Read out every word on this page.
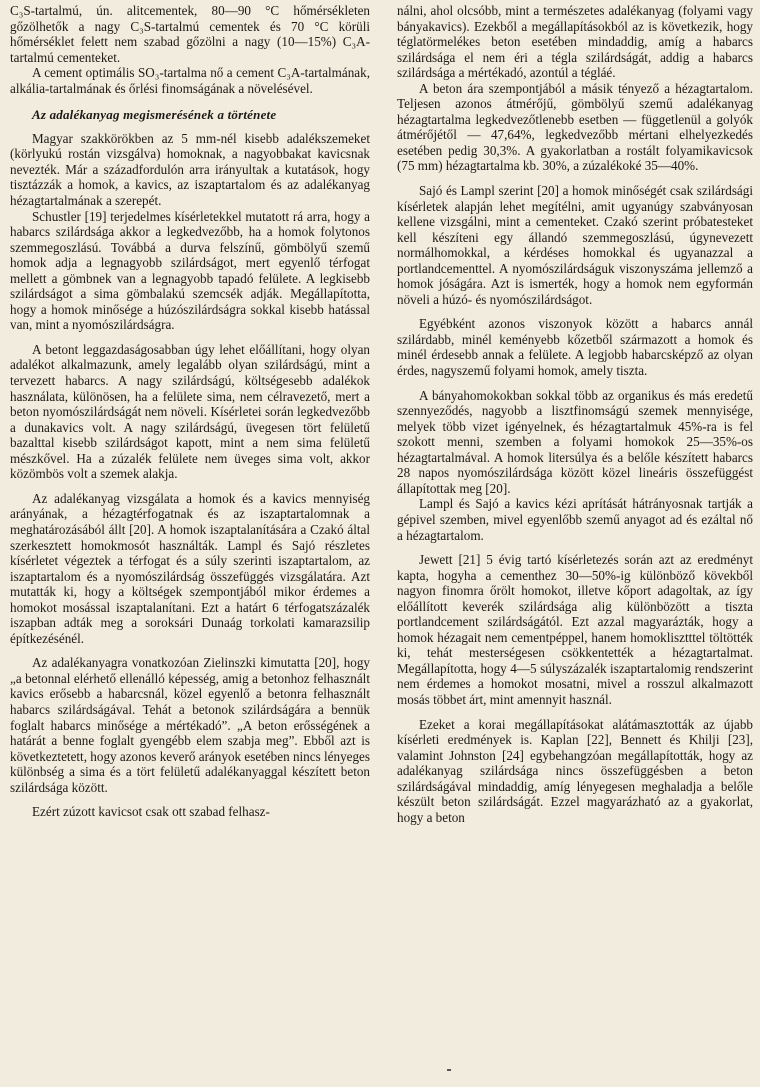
C₃S-tartalmú, ún. alitcementek, 80—90 °C hőmérsékleten gőzölhetők a nagy C₃S-tartalmú cementek és 70 °C körüli hőmérséklet felett nem szabad gőzölni a nagy (10—15%) C₃A-tartalmú cementeket.

A cement optimális SO₃-tartalma nő a cement C₃A-tartalmának, alkália-tartalmának és őrlési finomságának a növelésével.

Az adalékanyag megismerésének a története

Magyar szakkörökben az 5 mm-nél kisebb adalékszemeket (körlyukú rostán vizsgálva) homoknak, a nagyobbakat kavicsnak nevezték. Már a századfordulón arra irányultak a kutatások, hogy tisztázzák a homok, a kavics, az iszaptartalom és az adalékanyag hézagtartalmának a szerepét.

Schustler [19] terjedelmes kísérletekkel mutatott rá arra, hogy a habarcs szilárdsága akkor a legkedvezőbb, ha a homok folytonos szemmegoszlású. Továbbá a durva felszínű, gömbölyű szemű homok adja a legnagyobb szilárdságot, mert egyenlő térfogat mellett a gömbnek van a legnagyobb tapadó felülete. A legkisebb szilárdságot a sima gömbalakú szemcsék adják. Megállapította, hogy a homok minősége a húzószilárdságra sokkal kisebb hatással van, mint a nyomószilárdságra.

A betont leggazdaságosabban úgy lehet előállítani, hogy olyan adalékot alkalmazunk, amely legalább olyan szilárdságú, mint a tervezett habarcs. A nagy szilárdságú, költségesebb adalékok használata, különösen, ha a felülete sima, nem célravezető, mert a beton nyomószilárdságát nem növeli. Kísérletei során legkedvezőbb a dunakavics volt. A nagy szilárdságú, üvegesen tört felületű bazalttal kisebb szilárdságot kapott, mint a nem sima felületű mészkővel. Ha a zúzalék felülete nem üveges sima volt, akkor közömbös volt a szemek alakja.

Az adalékanyag vizsgálata a homok és a kavics mennyiség arányának, a hézagtérfogatnak és az iszaptartalomnak a meghatározásából állt [20]. A homok iszaptalanítására a Czakó által szerkesztett homokmosót használták. Lampl és Sajó részletes kísérletet végeztek a térfogat és a súly szerinti iszaptartalom, az iszaptartalom és a nyomószilárdság összefüggés vizsgálatára. Azt mutatták ki, hogy a költségek szempontjából mikor érdemes a homokot mosással iszaptalanítani. Ezt a határt 6 térfogatszázalék iszapban adták meg a soroksári Dunaág torkolati kamarazsilip építkezésénél.

Az adalékanyagra vonatkozóan Zielinszki kimutatta [20], hogy „a betonnal elérhető ellenálló képesség, amig a betonhoz felhasznált kavics erősebb a habarcsnál, közel egyenlő a betonra felhasznált habarcs szilárdságával. Tehát a betonok szilárdságára a bennük foglalt habarcs minősége a mértékadó”. „A beton erősségének a határát a benne foglalt gyengébb elem szabja meg”. Ebből azt is következtetett, hogy azonos keverő arányok esetében nincs lényeges különbség a sima és a tört felületű adalékanyaggal készített beton szilárdsága között.

Ezért zúzott kavicsot csak ott szabad felhasz-

nálni, ahol olcsóbb, mint a természetes adalékanyag (folyami vagy bányakavics). Ezekből a megállapításokból az is következik, hogy téglatörmelékes beton esetében mindaddig, amíg a habarcs szilárdsága el nem éri a tégla szilárdságát, addig a habarcs szilárdsága a mértékadó, azontúl a tégláé.

A beton ára szempontjából a másik tényező a hézagtartalom. Teljesen azonos átmérőjű, gömbölyű szemű adalékanyag hézagtartalma legkedvezőtlenebb esetben — függetlenül a golyók átmérőjétől — 47,64%, legkedvezőbb mértani elhelyezkedés esetében pedig 30,3%. A gyakorlatban a rostált folyamikavicsok (75 mm) hézagtartalma kb. 30%, a zúzalékoké 35—40%.

Sajó és Lampl szerint [20] a homok minőségét csak szilárdsági kísérletek alapján lehet megítélni, amit ugyanúgy szabványosan kellene vizsgálni, mint a cementeket. Czakó szerint próbatesteket kell készíteni egy állandó szemmegoszlású, úgynevezett normálhomokkal, a kérdéses homokkal és ugyanazzal a portlandcementtel. A nyomószilárdságuk viszonyszáma jellemző a homok jóságára. Azt is ismerték, hogy a homok nem egyformán növeli a húzó- és nyomószilárdságot.

Egyébként azonos viszonyok között a habarcs annál szilárdabb, minél keményebb kőzetből származott a homok és minél érdesebb annak a felülete. A legjobb habarcsképző az olyan érdes, nagyszemű folyami homok, amely tiszta.

A bányahomokokban sokkal több az organikus és más eredetű szennyeződés, nagyobb a lisztfinomságú szemek mennyisége, melyek több vizet igényelnek, és hézagtartalmuk 45%-ra is fel szokott menni, szemben a folyami homokok 25—35%-os hézagtartalmával. A homok litersúlya és a belőle készített habarcs 28 napos nyomószilárdsága között közel lineáris összefüggést állapítottak meg [20].

Lampl és Sajó a kavics kézi aprítását hátrányosnak tartják a gépivel szemben, mivel egyenlőbb szemű anyagot ad és ezáltal nő a hézagtartalom.

Jewett [21] 5 évig tartó kísérletezés során azt az eredményt kapta, hogyha a cementhez 30—50%-ig különböző kövekből nagyon finomra őrölt homokot, illetve kőport adagoltak, az így előállított keverék szilárdsága alig különbözött a tiszta portlandcement szilárdságától. Ezt azzal magyarázták, hogy a homok hézagait nem cementpéppel, hanem homoklisztttel töltötték ki, tehát mesterségesen csökkentették a hézagtartalmat. Megállapította, hogy 4—5 súlyszázalék iszaptartalomig rendszerint nem érdemes a homokot mosatni, mivel a rosszul alkalmazott mosás többet árt, mint amennyit használ.

Ezeket a korai megállapításokat alátámasztották az újabb kísérleti eredmények is. Kaplan [22], Bennett és Khilji [23], valamint Johnston [24] egybehangzóan megállapították, hogy az adalékanyag szilárdsága nincs összefüggésben a beton szilárdságával mindaddig, amíg lényegesen meghaladja a belőle készült beton szilárdságát. Ezzel magyarázható az a gyakorlat, hogy a beton
